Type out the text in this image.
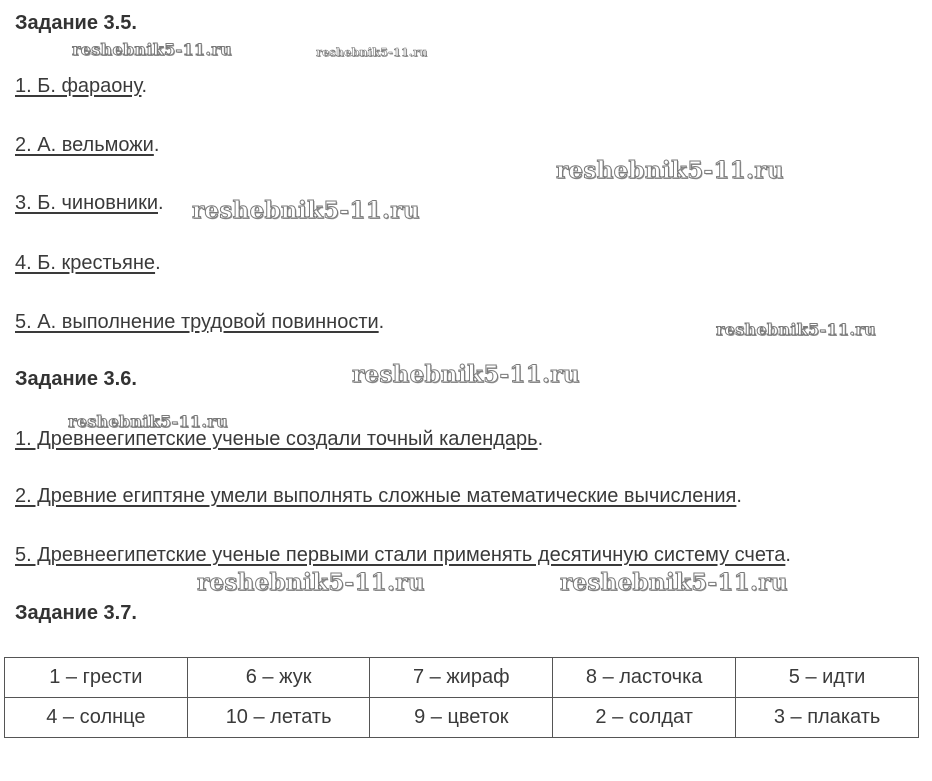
Задание 3.5.
1. Б. фараону.
2. А. вельможи.
3. Б. чиновники.
4. Б. крестьяне.
5. А. выполнение трудовой повинности.
Задание 3.6.
1. Древнеегипетские ученые создали точный календарь.
2. Древние египтяне умели выполнять сложные математические вычисления.
5. Древнеегипетские ученые первыми стали применять десятичную систему счета.
Задание 3.7.
1 – грести	6 – жук	7 – жираф	8 – ласточка	5 – идти
4 – солнце	10 – летать	9 – цветок	2 – солдат	3 – плакать
reshebnik5-11.ru	reshebnik5-11.ru
reshebnik5-11.ru
reshebnik5-11.ru
reshebnik5-11.ru
reshebnik5-11.ru
reshebnik5-11.ru
reshebnik5-11.ru	reshebnik5-11.ru
